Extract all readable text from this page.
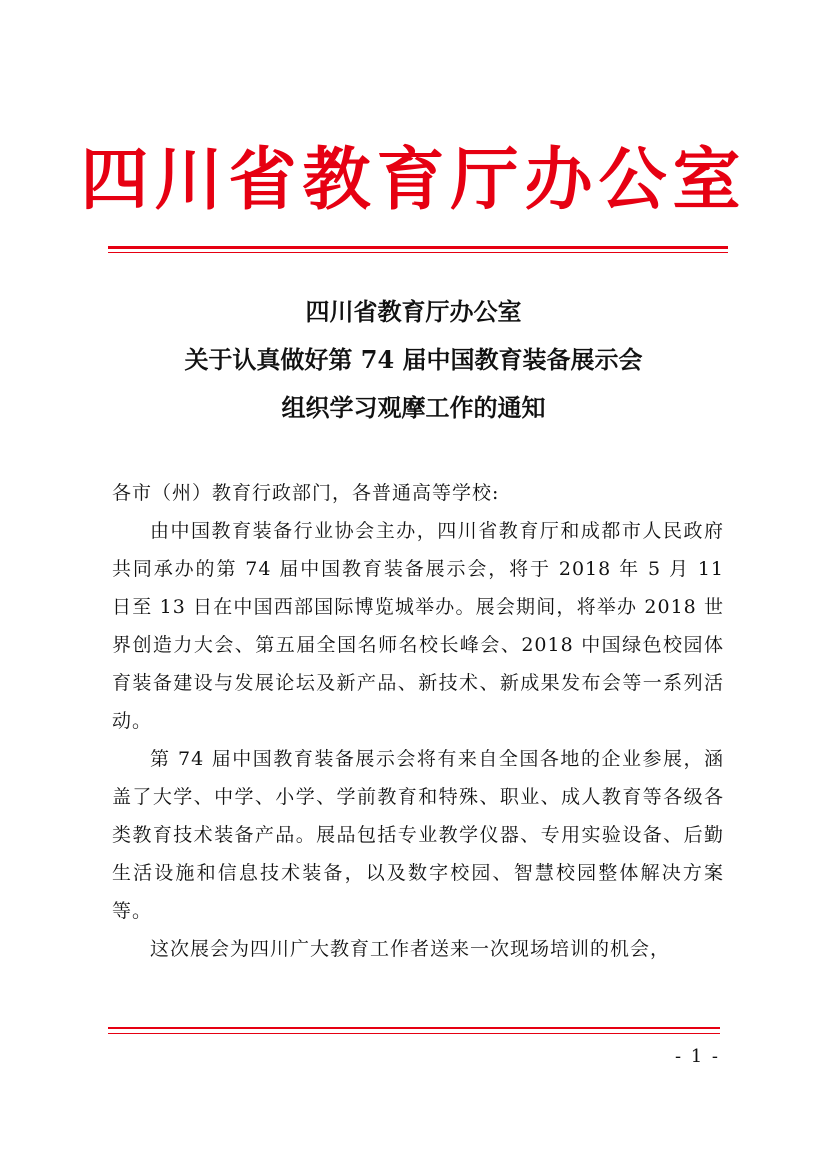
四川省教育厅办公室
四川省教育厅办公室
关于认真做好第 74 届中国教育装备展示会
组织学习观摩工作的通知

各市（州）教育行政部门，各普通高等学校:

由中国教育装备行业协会主办，四川省教育厅和成都市人民政府共同承办的第 74 届中国教育装备展示会，将于 2018 年 5 月 11 日至 13 日在中国西部国际博览城举办。展会期间，将举办 2018 世界创造力大会、第五届全国名师名校长峰会、2018 中国绿色校园体育装备建设与发展论坛及新产品、新技术、新成果发布会等一系列活动。

第 74 届中国教育装备展示会将有来自全国各地的企业参展，涵盖了大学、中学、小学、学前教育和特殊、职业、成人教育等各级各类教育技术装备产品。展品包括专业教学仪器、专用实验设备、后勤生活设施和信息技术装备，以及数字校园、智慧校园整体解决方案等。

这次展会为四川广大教育工作者送来一次现场培训的机会，

- 1 -
